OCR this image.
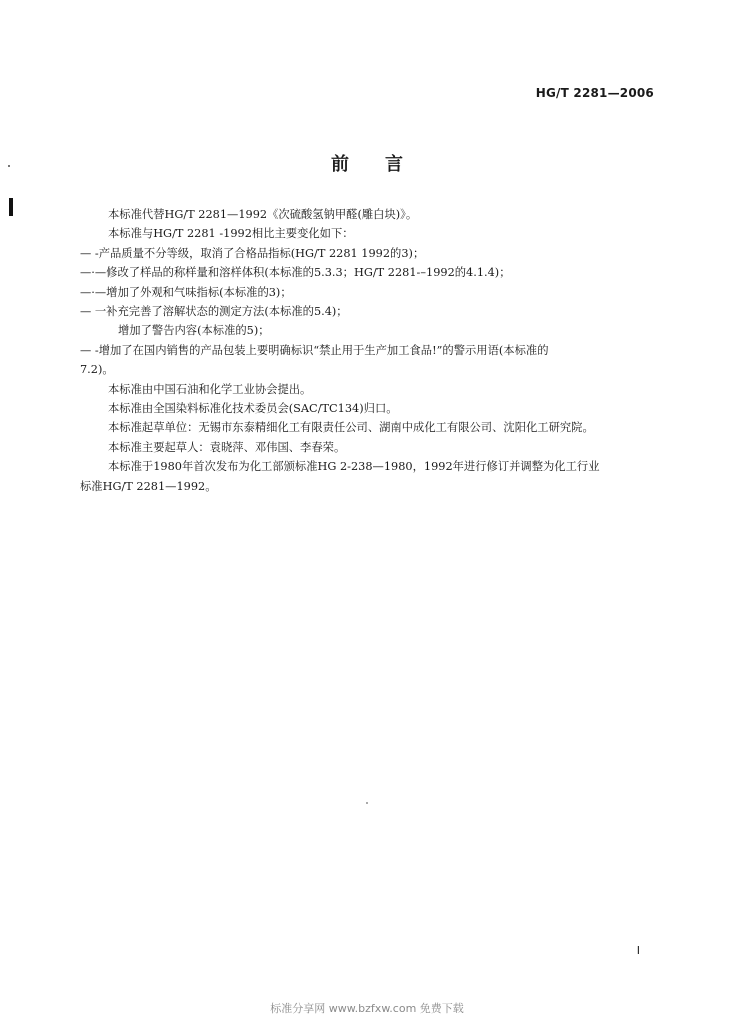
HG/T 2281—2006
前言

本标准代替HG/T 2281—1992《次硫酸氢钠甲醛(雕白块)》。

本标准与HG/T 2281 -1992相比主要变化如下：

— -产品质量不分等级，取消了合格品指标(HG/T 2281 1992的3)；

—·—修改了样品的称样量和溶样体积(本标准的5.3.3；HG/T 2281-–1992的4.1.4)；

—·—增加了外观和气味指标(本标准的3)；

— 一补充完善了溶解状态的测定方法(本标准的5.4)；

增加了警告内容(本标准的5)；

— -增加了在国内销售的产品包装上要明确标识“禁止用于生产加工食品!”的警示用语(本标准的

7.2)。

本标准由中国石油和化学工业协会提出。

本标准由全国染料标准化技术委员会(SAC/TC134)归口。

本标准起草单位：无锡市东泰精细化工有限责任公司、湖南中成化工有限公司、沈阳化工研究院。

本标准主要起草人：袁晓萍、邓伟国、李春荣。

本标准于1980年首次发布为化工部颁标准HG 2-238—1980，1992年进行修订并调整为化工行业

标准HG/T 2281—1992。

I
标准分享网 www.bzfxw.com 免费下载
